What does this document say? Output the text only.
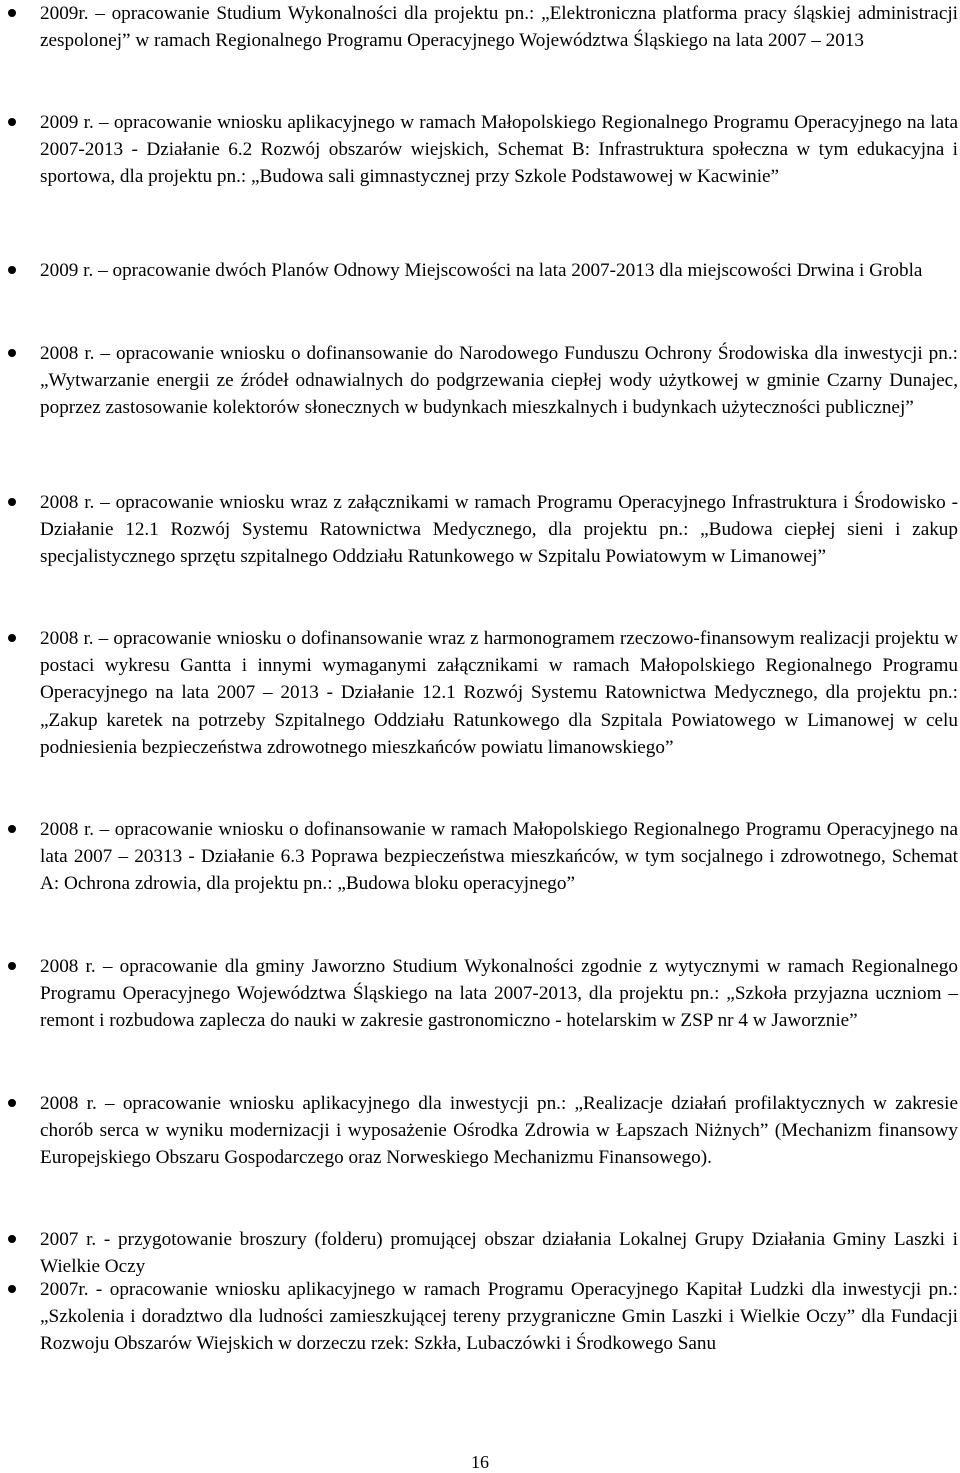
2009r. – opracowanie Studium Wykonalności dla projektu pn.: „Elektroniczna platforma pracy śląskiej administracji zespolonej” w ramach Regionalnego Programu Operacyjnego Województwa Śląskiego na lata 2007 – 2013
2009 r. – opracowanie wniosku aplikacyjnego w ramach Małopolskiego Regionalnego Programu Operacyjnego na lata 2007-2013 - Działanie 6.2 Rozwój obszarów wiejskich, Schemat B: Infrastruktura społeczna w tym edukacyjna i sportowa, dla projektu pn.: „Budowa sali gimnastycznej przy Szkole Podstawowej w Kacwinie”
2009 r. – opracowanie dwóch Planów Odnowy Miejscowości na lata 2007-2013 dla miejscowości Drwina i Grobla
2008 r. – opracowanie wniosku o dofinansowanie do Narodowego Funduszu Ochrony Środowiska dla inwestycji pn.: „Wytwarzanie energii ze źródeł odnawialnych do podgrzewania ciepłej wody użytkowej w gminie Czarny Dunajec, poprzez zastosowanie kolektorów słonecznych w budynkach mieszkalnych i budynkach użyteczności publicznej”
2008 r. – opracowanie wniosku wraz z załącznikami w ramach Programu Operacyjnego Infrastruktura i Środowisko - Działanie 12.1 Rozwój Systemu Ratownictwa Medycznego, dla projektu pn.: „Budowa ciepłej sieni i zakup specjalistycznego sprzętu szpitalnego Oddziału Ratunkowego w Szpitalu Powiatowym w Limanowej”
2008 r. – opracowanie wniosku o dofinansowanie wraz z harmonogramem rzeczowo-finansowym realizacji projektu w postaci wykresu Gantta i innymi wymaganymi załącznikami w ramach Małopolskiego Regionalnego Programu Operacyjnego na lata 2007 – 2013 - Działanie 12.1 Rozwój Systemu Ratownictwa Medycznego, dla projektu pn.: „Zakup karetek na potrzeby Szpitalnego Oddziału Ratunkowego dla Szpitala Powiatowego w Limanowej w celu podniesienia bezpieczeństwa zdrowotnego mieszkańców powiatu limanowskiego”
2008 r. – opracowanie wniosku o dofinansowanie w ramach Małopolskiego Regionalnego Programu Operacyjnego na lata 2007 – 20313 - Działanie 6.3 Poprawa bezpieczeństwa mieszkańców, w tym socjalnego i zdrowotnego, Schemat A: Ochrona zdrowia, dla projektu pn.: „Budowa bloku operacyjnego”
2008 r. – opracowanie dla gminy Jaworzno Studium Wykonalności zgodnie z wytycznymi w ramach Regionalnego Programu Operacyjnego Województwa Śląskiego na lata 2007-2013, dla projektu pn.: „Szkoła przyjazna uczniom – remont i rozbudowa zaplecza do nauki w zakresie gastronomiczno - hotelarskim w ZSP nr 4 w Jaworznie”
2008 r. – opracowanie wniosku aplikacyjnego dla inwestycji pn.: „Realizacje działań profilaktycznych w zakresie chorób serca w wyniku modernizacji i wyposażenie Ośrodka Zdrowia w Łapszach Niżnych” (Mechanizm finansowy Europejskiego Obszaru Gospodarczego oraz Norweskiego Mechanizmu Finansowego).
2007 r. - przygotowanie broszury (folderu) promującej obszar działania Lokalnej Grupy Działania Gminy Laszki i Wielkie Oczy
2007r. - opracowanie wniosku aplikacyjnego w ramach Programu Operacyjnego Kapitał Ludzki dla inwestycji pn.: „Szkolenia i doradztwo dla ludności zamieszkującej tereny przygraniczne Gmin Laszki i Wielkie Oczy” dla Fundacji Rozwoju Obszarów Wiejskich w dorzeczu rzek: Szkła, Lubaczówki i Środkowego Sanu
16
